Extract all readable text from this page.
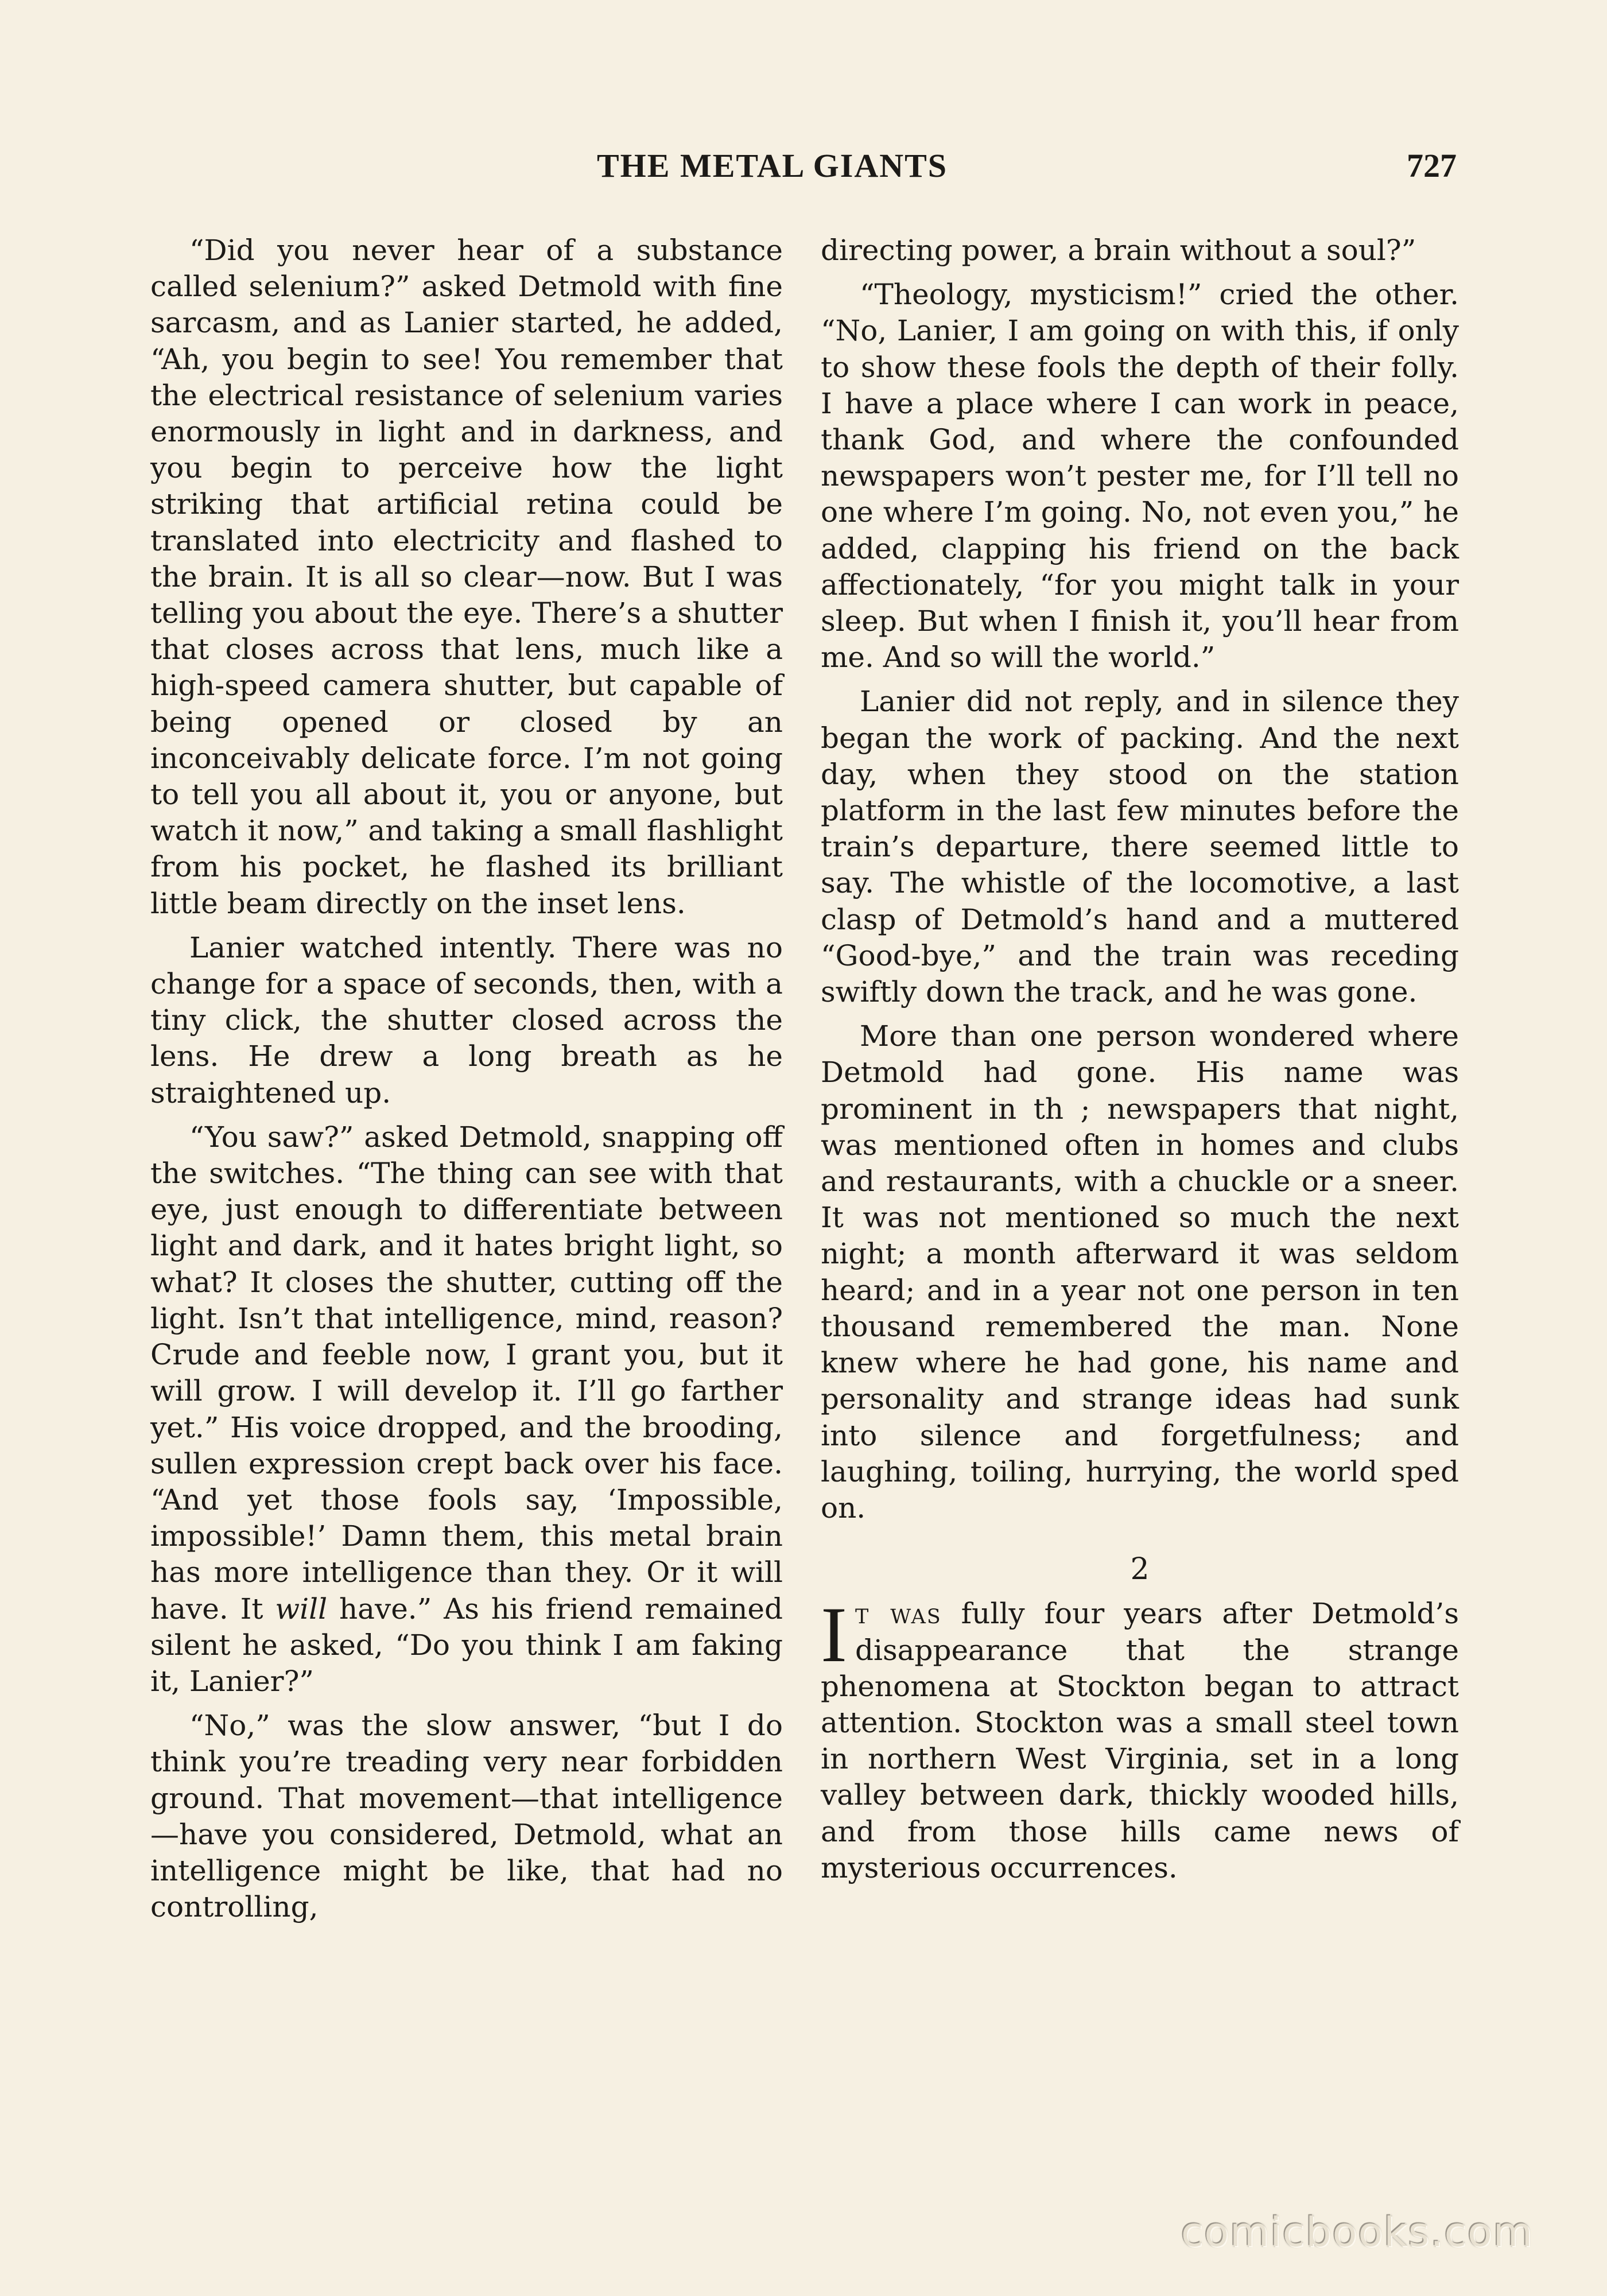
THE METAL GIANTS	727

“Did you never hear of a substance called selenium?” asked Detmold with fine sarcasm, and as Lanier started, he added, “Ah, you begin to see! You remember that the electrical resistance of selenium varies enormously in light and in darkness, and you begin to perceive how the light striking that artificial retina could be translated into electricity and flashed to the brain. It is all so clear—now. But I was telling you about the eye. There’s a shutter that closes across that lens, much like a high-speed camera shutter, but capable of being opened or closed by an inconceivably delicate force. I’m not going to tell you all about it, you or anyone, but watch it now,” and taking a small flashlight from his pocket, he flashed its brilliant little beam directly on the inset lens.

Lanier watched intently. There was no change for a space of seconds, then, with a tiny click, the shutter closed across the lens. He drew a long breath as he straightened up.

“You saw?” asked Detmold, snapping off the switches. “The thing can see with that eye, just enough to differentiate between light and dark, and it hates bright light, so what? It closes the shutter, cutting off the light. Isn’t that intelligence, mind, reason? Crude and feeble now, I grant you, but it will grow. I will develop it. I’ll go farther yet.” His voice dropped, and the brooding, sullen expression crept back over his face. “And yet those fools say, ‘Impossible, impossible!’ Damn them, this metal brain has more intelligence than they. Or it will have. It will have.” As his friend remained silent he asked, “Do you think I am faking it, Lanier?”

“No,” was the slow answer, “but I do think you’re treading very near forbidden ground. That movement—that intelligence—have you considered, Detmold, what an intelligence might be like, that had no controlling,

directing power, a brain without a soul?”

“Theology, mysticism!” cried the other. “No, Lanier, I am going on with this, if only to show these fools the depth of their folly. I have a place where I can work in peace, thank God, and where the confounded newspapers won’t pester me, for I’ll tell no one where I’m going. No, not even you,” he added, clapping his friend on the back affectionately, “for you might talk in your sleep. But when I finish it, you’ll hear from me. And so will the world.”

Lanier did not reply, and in silence they began the work of packing. And the next day, when they stood on the station platform in the last few minutes before the train’s departure, there seemed little to say. The whistle of the locomotive, a last clasp of Detmold’s hand and a muttered “Good-bye,” and the train was receding swiftly down the track, and he was gone.

More than one person wondered where Detmold had gone. His name was prominent in th ; newspapers that night, was mentioned often in homes and clubs and restaurants, with a chuckle or a sneer. It was not mentioned so much the next night; a month afterward it was seldom heard; and in a year not one person in ten thousand remembered the man. None knew where he had gone, his name and personality and strange ideas had sunk into silence and forgetfulness; and laughing, toiling, hurrying, the world sped on.

2

It was fully four years after Detmold’s disappearance that the strange phenomena at Stockton began to attract attention. Stockton was a small steel town in northern West Virginia, set in a long valley between dark, thickly wooded hills, and from those hills came news of mysterious occurrences.

comicbooks.com
